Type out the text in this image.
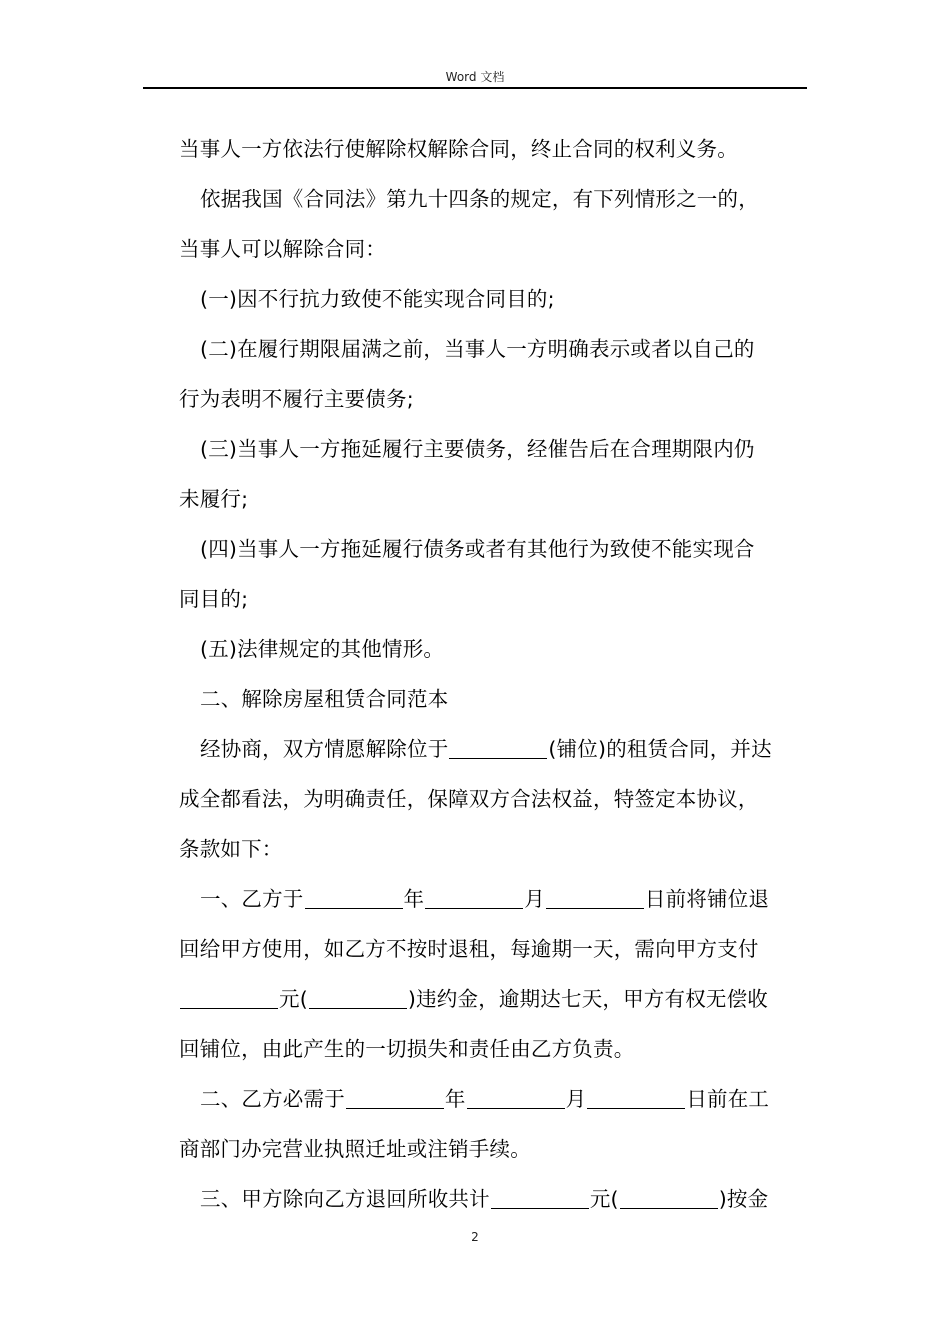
Word 文档
当事人一方依法行使解除权解除合同，终止合同的权利义务。
依据我国《合同法》第九十四条的规定，有下列情形之一的，
当事人可以解除合同：
(一)因不行抗力致使不能实现合同目的;
(二)在履行期限届满之前，当事人一方明确表示或者以自己的
行为表明不履行主要债务;
(三)当事人一方拖延履行主要债务，经催告后在合理期限内仍
未履行;
(四)当事人一方拖延履行债务或者有其他行为致使不能实现合
同目的;
(五)法律规定的其他情形。
二、解除房屋租赁合同范本
经协商，双方情愿解除位于	(铺位)的租赁合同，并达
成全都看法，为明确责任，保障双方合法权益，特签定本协议，
条款如下：
一、乙方于	年	月	日前将铺位退
回给甲方使用，如乙方不按时退租，每逾期一天，需向甲方支付
元(	)违约金，逾期达七天，甲方有权无偿收
回铺位，由此产生的一切损失和责任由乙方负责。
二、乙方必需于	年	月	日前在工
商部门办完营业执照迁址或注销手续。
三、甲方除向乙方退回所收共计	元(	)按金
2
